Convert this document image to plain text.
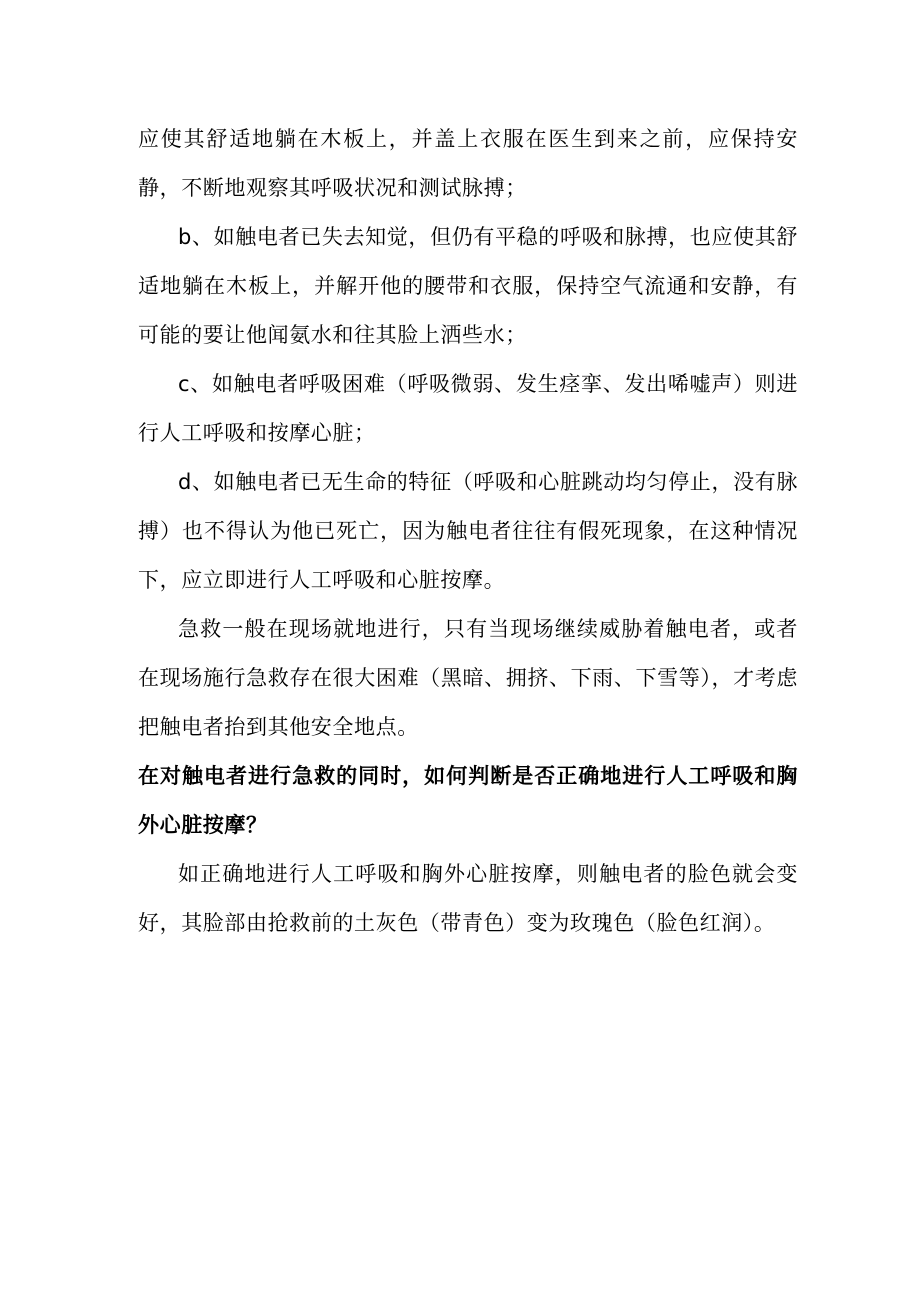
应使其舒适地躺在木板上，并盖上衣服在医生到来之前，应保持安静，不断地观察其呼吸状况和测试脉搏；

b、如触电者已失去知觉，但仍有平稳的呼吸和脉搏，也应使其舒适地躺在木板上，并解开他的腰带和衣服，保持空气流通和安静，有可能的要让他闻氨水和往其脸上洒些水；

c、如触电者呼吸困难（呼吸微弱、发生痉挛、发出唏嘘声）则进行人工呼吸和按摩心脏；

d、如触电者已无生命的特征（呼吸和心脏跳动均匀停止，没有脉搏）也不得认为他已死亡，因为触电者往往有假死现象，在这种情况下，应立即进行人工呼吸和心脏按摩。

急救一般在现场就地进行，只有当现场继续威胁着触电者，或者在现场施行急救存在很大困难（黑暗、拥挤、下雨、下雪等），才考虑把触电者抬到其他安全地点。

在对触电者进行急救的同时，如何判断是否正确地进行人工呼吸和胸外心脏按摩？

如正确地进行人工呼吸和胸外心脏按摩，则触电者的脸色就会变好，其脸部由抢救前的土灰色（带青色）变为玫瑰色（脸色红润）。
